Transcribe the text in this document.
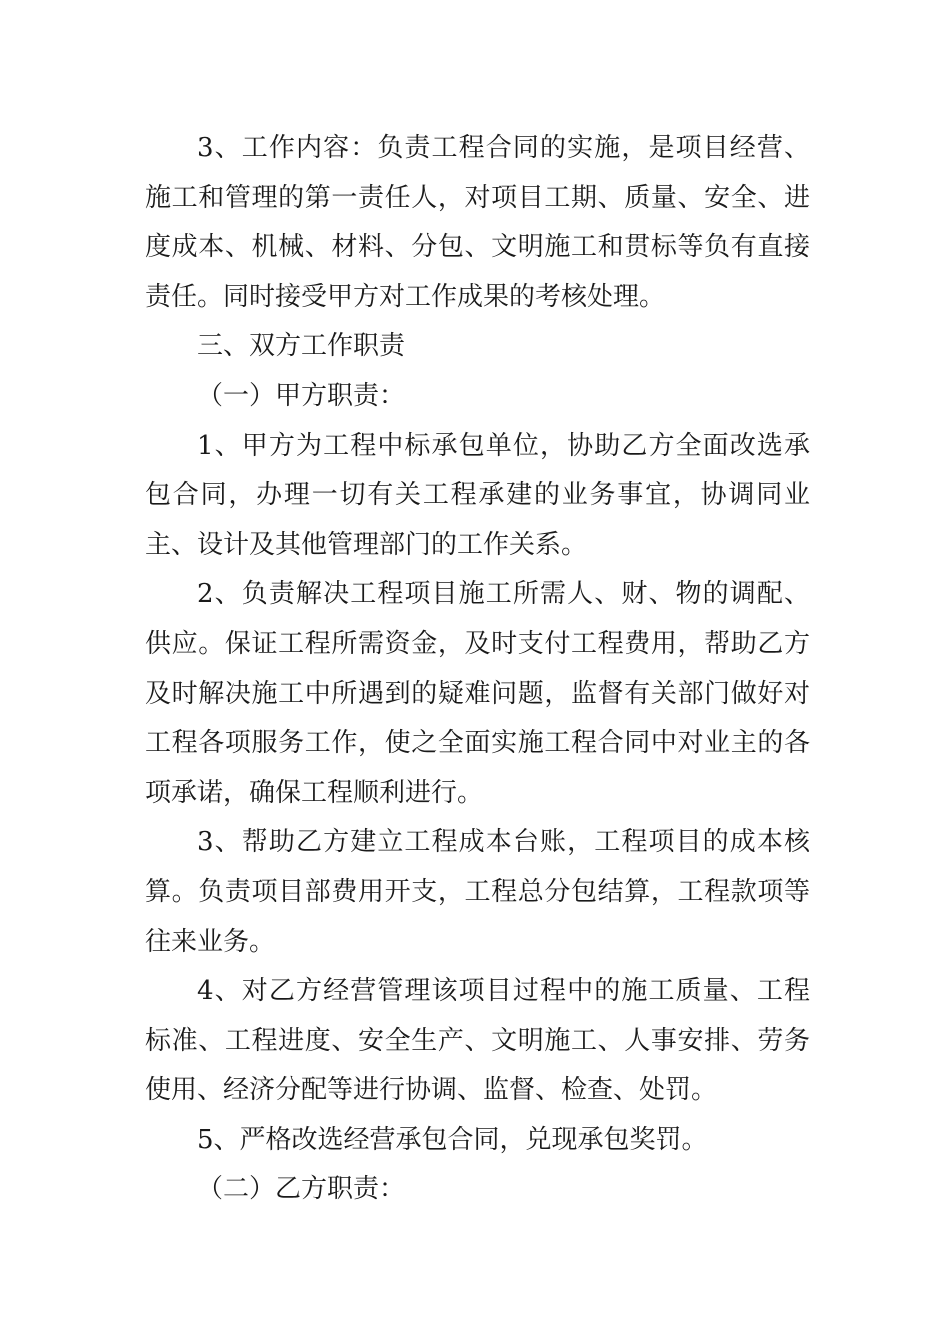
3、工作内容：负责工程合同的实施，是项目经营、施工和管理的第一责任人，对项目工期、质量、安全、进度成本、机械、材料、分包、文明施工和贯标等负有直接责任。同时接受甲方对工作成果的考核处理。

三、双方工作职责

（一）甲方职责：

1、甲方为工程中标承包单位，协助乙方全面改选承包合同，办理一切有关工程承建的业务事宜，协调同业主、设计及其他管理部门的工作关系。

2、负责解决工程项目施工所需人、财、物的调配、供应。保证工程所需资金，及时支付工程费用，帮助乙方及时解决施工中所遇到的疑难问题，监督有关部门做好对工程各项服务工作，使之全面实施工程合同中对业主的各项承诺，确保工程顺利进行。

3、帮助乙方建立工程成本台账，工程项目的成本核算。负责项目部费用开支，工程总分包结算，工程款项等往来业务。

4、对乙方经营管理该项目过程中的施工质量、工程标准、工程进度、安全生产、文明施工、人事安排、劳务使用、经济分配等进行协调、监督、检查、处罚。

5、严格改选经营承包合同，兑现承包奖罚。

（二）乙方职责：
